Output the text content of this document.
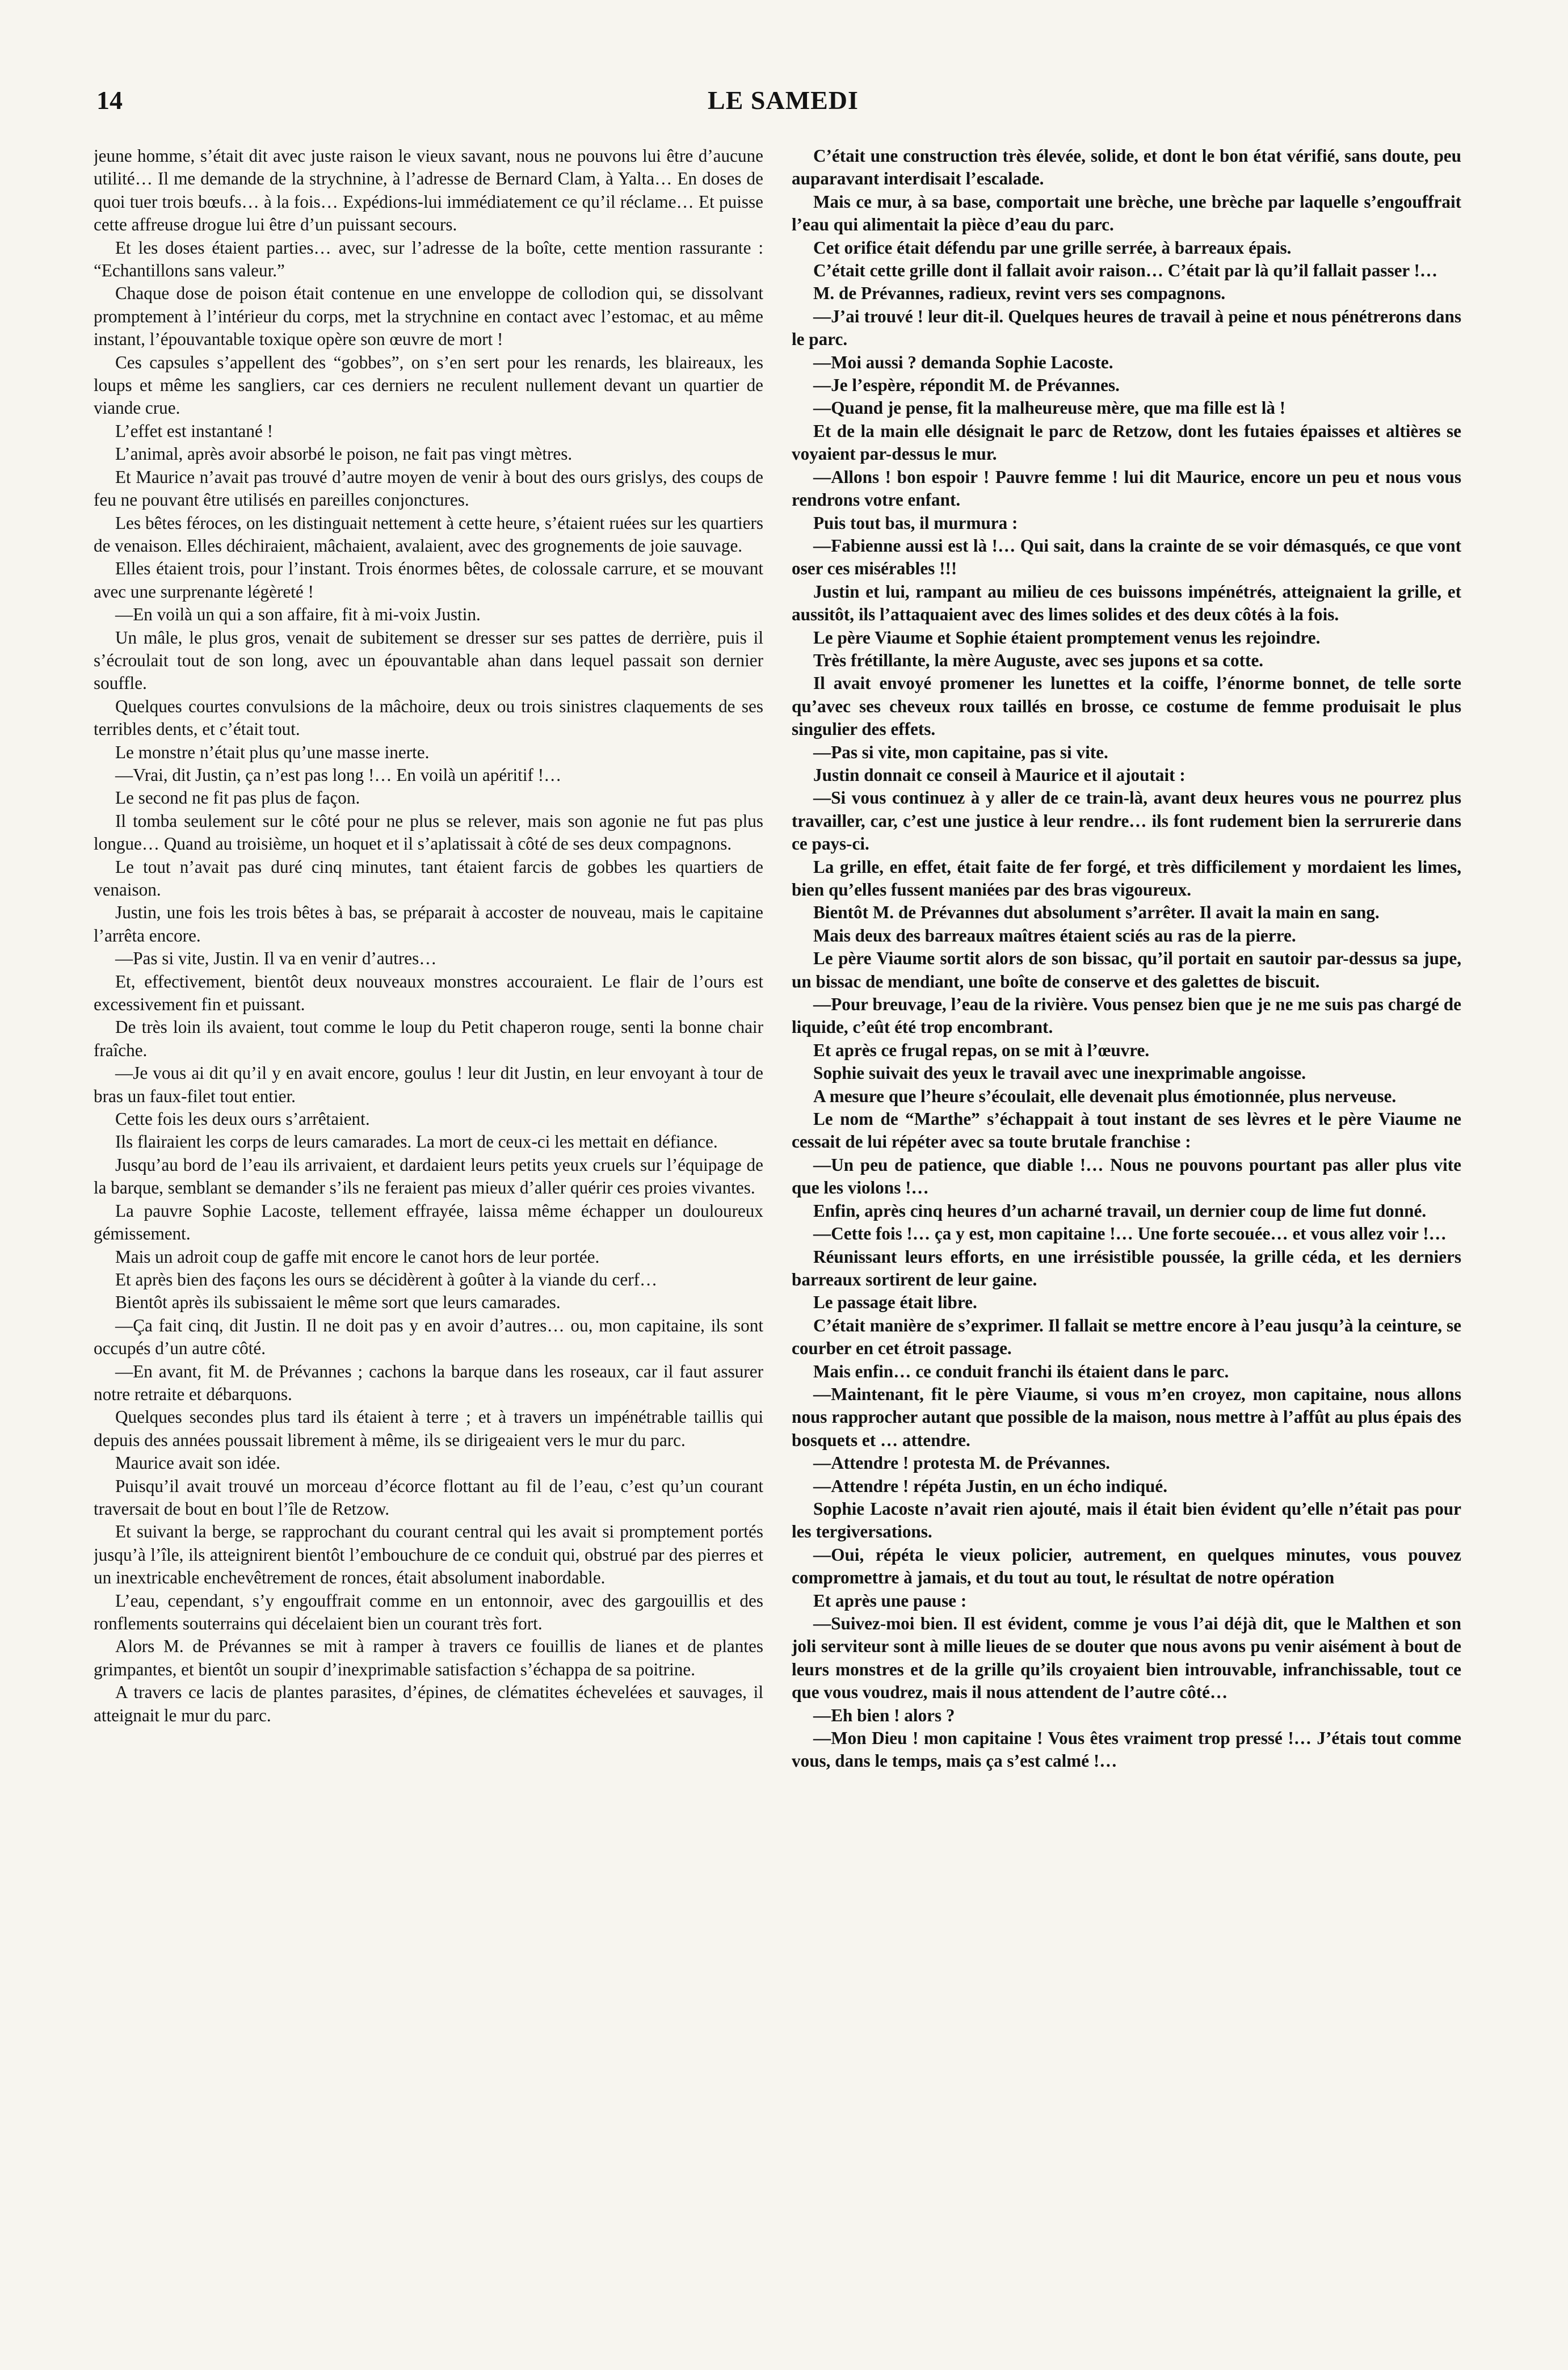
14	LE SAMEDI

jeune homme, s’était dit avec juste raison le vieux savant, nous ne pouvons lui être d’aucune utilité… Il me demande de la strychnine, à l’adresse de Bernard Clam, à Yalta… En doses de quoi tuer trois bœufs… à la fois… Expédions-lui immédiatement ce qu’il réclame… Et puisse cette affreuse drogue lui être d’un puissant secours.

Et les doses étaient parties… avec, sur l’adresse de la boîte, cette mention rassurante : “Echantillons sans valeur.”

Chaque dose de poison était contenue en une enveloppe de collodion qui, se dissolvant promptement à l’intérieur du corps, met la strychnine en contact avec l’estomac, et au même instant, l’épouvantable toxique opère son œuvre de mort !

Ces capsules s’appellent des “gobbes”, on s’en sert pour les renards, les blaireaux, les loups et même les sangliers, car ces derniers ne reculent nullement devant un quartier de viande crue.

L’effet est instantané !

L’animal, après avoir absorbé le poison, ne fait pas vingt mètres.

Et Maurice n’avait pas trouvé d’autre moyen de venir à bout des ours grislys, des coups de feu ne pouvant être utilisés en pareilles conjonctures.

Les bêtes féroces, on les distinguait nettement à cette heure, s’étaient ruées sur les quartiers de venaison. Elles déchiraient, mâchaient, avalaient, avec des grognements de joie sauvage.

Elles étaient trois, pour l’instant. Trois énormes bêtes, de colossale carrure, et se mouvant avec une surprenante légèreté !

—En voilà un qui a son affaire, fit à mi-voix Justin.

Un mâle, le plus gros, venait de subitement se dresser sur ses pattes de derrière, puis il s’écroulait tout de son long, avec un épouvantable ahan dans lequel passait son dernier souffle.

Quelques courtes convulsions de la mâchoire, deux ou trois sinistres claquements de ses terribles dents, et c’était tout.

Le monstre n’était plus qu’une masse inerte.

—Vrai, dit Justin, ça n’est pas long !… En voilà un apéritif !…

Le second ne fit pas plus de façon.

Il tomba seulement sur le côté pour ne plus se relever, mais son agonie ne fut pas plus longue… Quand au troisième, un hoquet et il s’aplatissait à côté de ses deux compagnons.

Le tout n’avait pas duré cinq minutes, tant étaient farcis de gobbes les quartiers de venaison.

Justin, une fois les trois bêtes à bas, se préparait à accoster de nouveau, mais le capitaine l’arrêta encore.

—Pas si vite, Justin. Il va en venir d’autres…

Et, effectivement, bientôt deux nouveaux monstres accouraient. Le flair de l’ours est excessivement fin et puissant.

De très loin ils avaient, tout comme le loup du Petit chaperon rouge, senti la bonne chair fraîche.

—Je vous ai dit qu’il y en avait encore, goulus ! leur dit Justin, en leur envoyant à tour de bras un faux-filet tout entier.

Cette fois les deux ours s’arrêtaient.

Ils flairaient les corps de leurs camarades. La mort de ceux-ci les mettait en défiance.

Jusqu’au bord de l’eau ils arrivaient, et dardaient leurs petits yeux cruels sur l’équipage de la barque, semblant se demander s’ils ne feraient pas mieux d’aller quérir ces proies vivantes.

La pauvre Sophie Lacoste, tellement effrayée, laissa même échapper un douloureux gémissement.

Mais un adroit coup de gaffe mit encore le canot hors de leur portée.

Et après bien des façons les ours se décidèrent à goûter à la viande du cerf…

Bientôt après ils subissaient le même sort que leurs camarades.

—Ça fait cinq, dit Justin. Il ne doit pas y en avoir d’autres… ou, mon capitaine, ils sont occupés d’un autre côté.

—En avant, fit M. de Prévannes ; cachons la barque dans les roseaux, car il faut assurer notre retraite et débarquons.

Quelques secondes plus tard ils étaient à terre ; et à travers un impénétrable taillis qui depuis des années poussait librement à même, ils se dirigeaient vers le mur du parc.

Maurice avait son idée.

Puisqu’il avait trouvé un morceau d’écorce flottant au fil de l’eau, c’est qu’un courant traversait de bout en bout l’île de Retzow.

Et suivant la berge, se rapprochant du courant central qui les avait si promptement portés jusqu’à l’île, ils atteignirent bientôt l’embouchure de ce conduit qui, obstrué par des pierres et un inextricable enchevêtrement de ronces, était absolument inabordable.

L’eau, cependant, s’y engouffrait comme en un entonnoir, avec des gargouillis et des ronflements souterrains qui décelaient bien un courant très fort.

Alors M. de Prévannes se mit à ramper à travers ce fouillis de lianes et de plantes grimpantes, et bientôt un soupir d’inexprimable satisfaction s’échappa de sa poitrine.

A travers ce lacis de plantes parasites, d’épines, de clématites échevelées et sauvages, il atteignait le mur du parc.

C’était une construction très élevée, solide, et dont le bon état vérifié, sans doute, peu auparavant interdisait l’escalade.

Mais ce mur, à sa base, comportait une brèche, une brèche par laquelle s’engouffrait l’eau qui alimentait la pièce d’eau du parc.

Cet orifice était défendu par une grille serrée, à barreaux épais.

C’était cette grille dont il fallait avoir raison… C’était par là qu’il fallait passer !…

M. de Prévannes, radieux, revint vers ses compagnons.

—J’ai trouvé ! leur dit-il. Quelques heures de travail à peine et nous pénétrerons dans le parc.

—Moi aussi ? demanda Sophie Lacoste.

—Je l’espère, répondit M. de Prévannes.

—Quand je pense, fit la malheureuse mère, que ma fille est là !

Et de la main elle désignait le parc de Retzow, dont les futaies épaisses et altières se voyaient par-dessus le mur.

—Allons ! bon espoir ! Pauvre femme ! lui dit Maurice, encore un peu et nous vous rendrons votre enfant.

Puis tout bas, il murmura :

—Fabienne aussi est là !… Qui sait, dans la crainte de se voir démasqués, ce que vont oser ces misérables !!!

Justin et lui, rampant au milieu de ces buissons impénétrés, atteignaient la grille, et aussitôt, ils l’attaquaient avec des limes solides et des deux côtés à la fois.

Le père Viaume et Sophie étaient promptement venus les rejoindre.

Très frétillante, la mère Auguste, avec ses jupons et sa cotte.

Il avait envoyé promener les lunettes et la coiffe, l’énorme bonnet, de telle sorte qu’avec ses cheveux roux taillés en brosse, ce costume de femme produisait le plus singulier des effets.

—Pas si vite, mon capitaine, pas si vite.

Justin donnait ce conseil à Maurice et il ajoutait :

—Si vous continuez à y aller de ce train-là, avant deux heures vous ne pourrez plus travailler, car, c’est une justice à leur rendre… ils font rudement bien la serrurerie dans ce pays-ci.

La grille, en effet, était faite de fer forgé, et très difficilement y mordaient les limes, bien qu’elles fussent maniées par des bras vigoureux.

Bientôt M. de Prévannes dut absolument s’arrêter. Il avait la main en sang.

Mais deux des barreaux maîtres étaient sciés au ras de la pierre.

Le père Viaume sortit alors de son bissac, qu’il portait en sautoir par-dessus sa jupe, un bissac de mendiant, une boîte de conserve et des galettes de biscuit.

—Pour breuvage, l’eau de la rivière. Vous pensez bien que je ne me suis pas chargé de liquide, c’eût été trop encombrant.

Et après ce frugal repas, on se mit à l’œuvre.

Sophie suivait des yeux le travail avec une inexprimable angoisse.

A mesure que l’heure s’écoulait, elle devenait plus émotionnée, plus nerveuse.

Le nom de “Marthe” s’échappait à tout instant de ses lèvres et le père Viaume ne cessait de lui répéter avec sa toute brutale franchise :

—Un peu de patience, que diable !… Nous ne pouvons pourtant pas aller plus vite que les violons !…

Enfin, après cinq heures d’un acharné travail, un dernier coup de lime fut donné.

—Cette fois !… ça y est, mon capitaine !… Une forte secouée… et vous allez voir !…

Réunissant leurs efforts, en une irrésistible poussée, la grille céda, et les derniers barreaux sortirent de leur gaine.

Le passage était libre.

C’était manière de s’exprimer. Il fallait se mettre encore à l’eau jusqu’à la ceinture, se courber en cet étroit passage.

Mais enfin… ce conduit franchi ils étaient dans le parc.

—Maintenant, fit le père Viaume, si vous m’en croyez, mon capitaine, nous allons nous rapprocher autant que possible de la maison, nous mettre à l’affût au plus épais des bosquets et … attendre.

—Attendre ! protesta M. de Prévannes.

—Attendre ! répéta Justin, en un écho indiqué.

Sophie Lacoste n’avait rien ajouté, mais il était bien évident qu’elle n’était pas pour les tergiversations.

—Oui, répéta le vieux policier, autrement, en quelques minutes, vous pouvez compromettre à jamais, et du tout au tout, le résultat de notre opération

Et après une pause :

—Suivez-moi bien. Il est évident, comme je vous l’ai déjà dit, que le Malthen et son joli serviteur sont à mille lieues de se douter que nous avons pu venir aisément à bout de leurs monstres et de la grille qu’ils croyaient bien introuvable, infranchissable, tout ce que vous voudrez, mais il nous attendent de l’autre côté…

—Eh bien ! alors ?

—Mon Dieu ! mon capitaine ! Vous êtes vraiment trop pressé !… J’étais tout comme vous, dans le temps, mais ça s’est calmé !…
